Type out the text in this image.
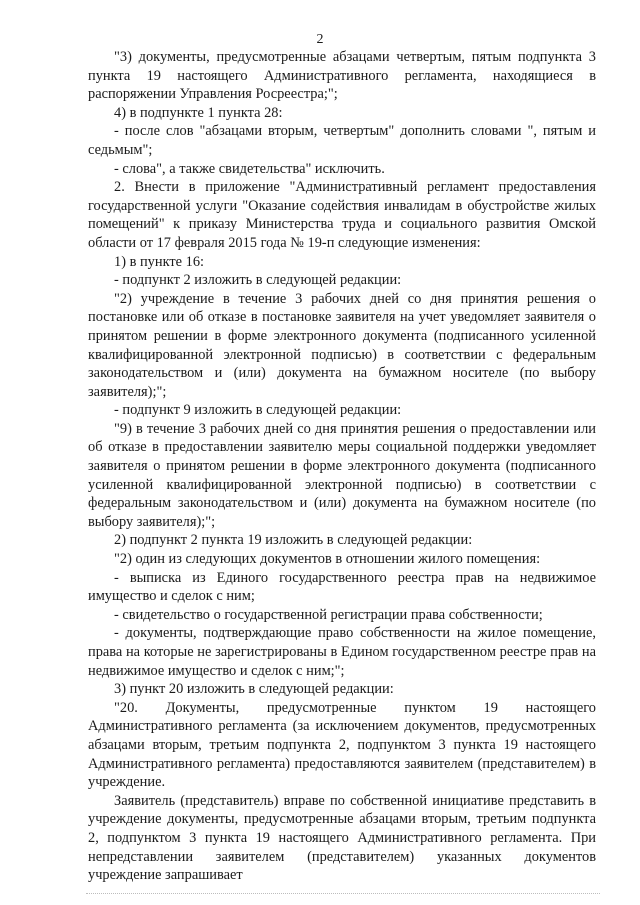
2

"3) документы, предусмотренные абзацами четвертым, пятым подпункта 3 пункта 19 настоящего Административного регламента, находящиеся в распоряжении Управления Росреестра;";

4) в подпункте 1 пункта 28:

- после слов "абзацами вторым, четвертым" дополнить словами ", пятым и седьмым";

- слова", а также свидетельства" исключить.

2. Внести в приложение "Административный регламент предоставления государственной услуги "Оказание содействия инвалидам в обустройстве жилых помещений" к приказу Министерства труда и социального развития Омской области от 17 февраля 2015 года № 19-п следующие изменения:

1) в пункте 16:

- подпункт 2 изложить в следующей редакции:

"2) учреждение в течение 3 рабочих дней со дня принятия решения о постановке или об отказе в постановке заявителя на учет уведомляет заявителя о принятом решении в форме электронного документа (подписанного усиленной квалифицированной электронной подписью) в соответствии с федеральным законодательством и (или) документа на бумажном носителе (по выбору заявителя);";

- подпункт 9 изложить в следующей редакции:

"9) в течение 3 рабочих дней со дня принятия решения о предоставлении или об отказе в предоставлении заявителю меры социальной поддержки уведомляет заявителя о принятом решении в форме электронного документа (подписанного усиленной квалифицированной электронной подписью) в соответствии с федеральным законодательством и (или) документа на бумажном носителе (по выбору заявителя);";

2) подпункт 2 пункта 19 изложить в следующей редакции:

"2) один из следующих документов в отношении жилого помещения:

- выписка из Единого государственного реестра прав на недвижимое имущество и сделок с ним;

- свидетельство о государственной регистрации права собственности;

- документы, подтверждающие право собственности на жилое помещение, права на которые не зарегистрированы в Едином государственном реестре прав на недвижимое имущество и сделок с ним;";

3) пункт 20 изложить в следующей редакции:

"20. Документы, предусмотренные пунктом 19 настоящего Административного регламента (за исключением документов, предусмотренных абзацами вторым, третьим подпункта 2, подпунктом 3 пункта 19 настоящего Административного регламента) предоставляются заявителем (представителем) в учреждение.

Заявитель (представитель) вправе по собственной инициативе представить в учреждение документы, предусмотренные абзацами вторым, третьим подпункта 2, подпунктом 3 пункта 19 настоящего Административного регламента. При непредставлении заявителем (представителем) указанных документов учреждение запрашивает
